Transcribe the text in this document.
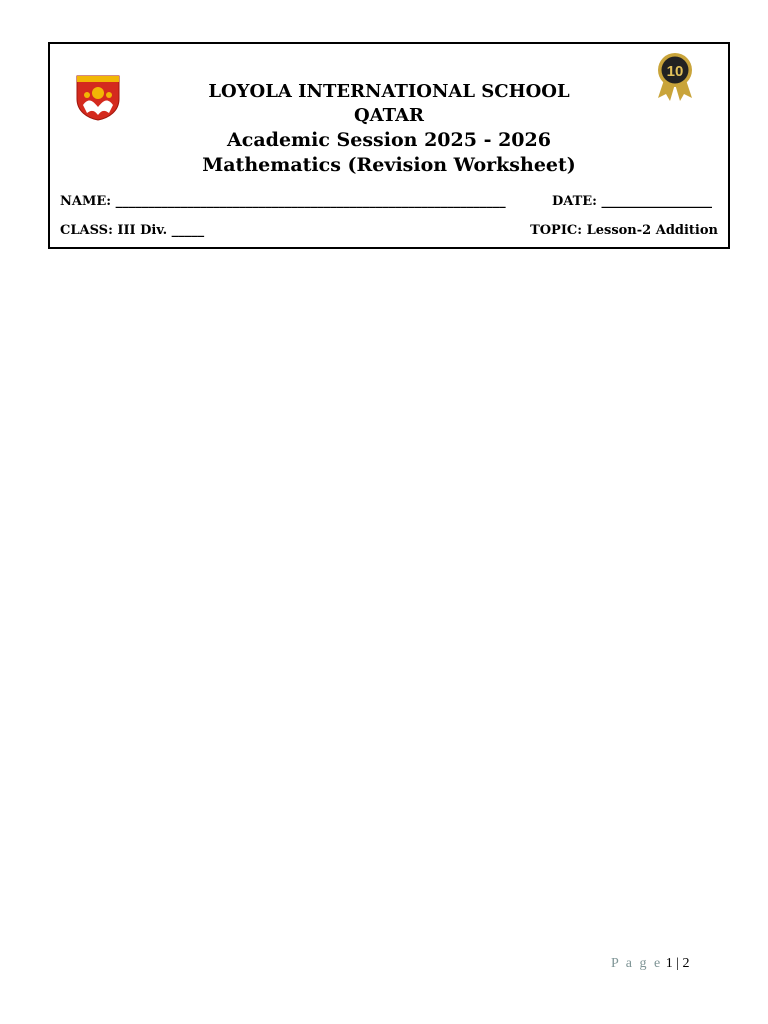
10
LOYOLA INTERNATIONAL SCHOOL
QATAR
Academic Session 2025 - 2026
Mathematics (Revision Worksheet)
NAME: ____________________________________________________________	DATE: _________________
CLASS: III Div. _____	TOPIC: Lesson-2 Addition
P a g e 1 | 2
